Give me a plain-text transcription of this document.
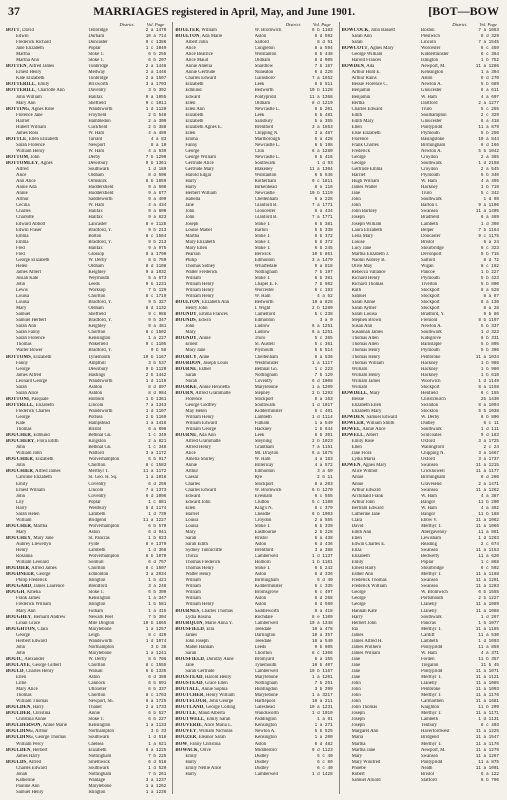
37	MARRIAGES registered in April, May, and June 1901.	[BOT—BOW
District.	Vol. Page
BOTT, David	Tenbridge	2 a 1470
Edwin	Durham	10 a 714
Frederick Richard	Doncaster	9 c 1386
Jane Elizabeth	Poplar	1 c 1049
Martha	Stoke T.	6 b 255
Martha Ann	Stoke T.	6 b 207
BOTTEN, Alfred James	Tunbridge	2 a 1446
Ernest Henry	Medway	2 a 1446
Kate Elizabeth	Tonbridge	2 a 1507
BOTTERILL, Emily	Brixworth	3 a 1703
BOTTERILL, Charlotte Ann	Daventry	3 b 392
John William	Halifax	9 a 1055
Mary Ann	Sheffield	9 c 1011
BOTTING, Agnes Rose	Wandsworth	1 d 1120
Florence Jane	Froyfield	2 b 548
Harriet	Hambledon	2 a 300
Hubert William	Cuckfield	2 b 388
James Ross	W. Ham	4 a 489
BOTTLE, Ellen Elizabeth	Tarrant	4 a 83
Sarah Florence	Newport	8 a 10
William Henry	W. Ham	4 a 539
BOTTOM, John	Derby	7 b 1290
BOTTOMLEY, Agnes	Dewsbury	9 b 1361
Alfred	Southwark	1 d 189
Alice	Oldham	8 d 506
Ann Alice	Ormskirk	8 b 1859
Annie Ada	Huddersfield	9 a 508
Annie	Huddersfield	9 a 677
Arthur	Saddleworth	9 a 499
Cecilia	W. Ham	4 a 434
Charles	Halifax	9 a 600
Charlotte	Halifax	9 a 623
Edward Abbott	Lancaster	8 e 1128
Edwin Fraser	Bradford, Y.	9 b 213
Emma	Bolton	8 c 1564
Emma	Bradford, Y.	9 b 213
Fred	Halifax	9 a 975
Fred	Glossop	8 a 1790
George Elizabeth	W. Derby	8 b 750
Helen	Oldham	8 d 1108
James Albert	Keighley	9 a 1032
Josiah Kate	Weymouth	5 a 673
John	Leeds	9 b 1231
Lewis	Worksop	7 b 129
Louisa	Chorlton	8 c 1719
Louisa	Bradford, Y.	9 b 327
Mary	Oldham	8 d 1132
Samuel	Sheffield	9 c 988
Samuel Herbert	Bradford, Y.	9 b 347
Sarah Ann	Keighley	9 a 481
Sarah Fanny	Chorlton	8 c 1502
Sarah Florence	Kensington	1 a 227
Thomas	Wakefield	9 c 1105
Walter Bower	Bradford, Y.	9 b 58
BOTTOMS, Elizabeth	Tynemouth	10 b 1167
Fanny	Ampthill	3 b 537
George	Dewsbury	9 b 1120
James Alfred	Hastings	2 b 1442
Leonard George	Wandsworth	1 d 1119
Sarah	Ashton	8 d 897
Sarah Alice	Ashton	8 d 984
BOTTONI, Pasquale	Holborn	1 b 1361
BOTTRELL, Elizabeth	Lincoln	7 a 1343
Frederick Charles	Wandsworth	1 d 1107
George	Portsea	2 b 1169
Kate	Hampstead	1 a 1416
Thomas	Bristol	6 a 698
BOUCHER, Edmund	Bethnal Gn.	1 c 349
BOUCHERY, Flora Edith	Kingston	2 a 821
John	Bethnal Gn.	1 c 348
William John	Watford	3 a 1172
BOUCHIER, Elizabeth	Wolverhampton	6 b 917
John	Chorlton	8 c 1583
BOUCHIER, Alfred James	Merthyr T.	11 a 1172
Caroline Elizabeth	St. Geo. H. Sq.	1 a 1016
Emily	Coventry	6 d 256
Ernest William	Lincoln	7 a 1373
John	Coventry	6 d 1006
Lily	Poplar	1 c 881
Harry	Westbury	5 d 1174
Sarah Helen	Lambeth	1 d 739
William	Bridgend	11 a 1227
BOUCHER, Martha	Wolverhampton	6 b 570
Mary	Aston	6 d 941
BOUCHEY, Mary Jane	St. Pancras	1 b 623
Aubrey Llewellyn	Fylde	8 e 1379
Henry	Lambeth	1 d 368
Rosanna	Wolverhampton	6 b 1070
William Leonard	Solihull	6 d 757
BOUDIER, Alfred James	Chorlton	8 c 1507
BOUDNEER, George	Edmonton	3 a 2034
Philip Frederick	Islington	1 b 421
BOUGARD, James Laurence	Brentford	3 a 248
BOUGH, Amelia	Stoke T.	6 b 399
Frank James	Kensington	1 a 347
Frederick William	Islington	1 b 581
Mary Ann	Fulham	1 a 415
BOUGHEY, Bernard Andrew	Newark Peel	7 b 304
Lilian Grace	Mile Dington	10 b 1665
BOUGHTON, Clara	Marylebone	1 a 1257
George	Leigh	8 c 420
Herbert Edward	Wandsworth	1 d 1074
John	Northampton	3 b 38
John	Marylebone	1 a 1241
BOUIC, Alexander	W. Derby	8 b 706
BOULAYE, George Gilbert	Chorlton	8 c 1555
BOULD, Charles Henry	Walsall	6 b 1335
Ellen	Aston	6 d 380
Lillie	Cannock	6 b 691
Mary Alice	Uttoxeter	6 b 337
Thomas	Chorlton	8 c 1763
William Thomas	Newport, Sh.	6 a 1725
BOULDEN, Harry	Thanet	2 a 1733
BOULDER, Christina	Annie	6 b 527
Christina Annie	Stoke T.	6 b 227
BOULDERSON, Annie Marie	Kensington	1 a 1133
BOULDING, Arthur	Northampton	3 b 33
BOULDING, George Thomas	Southwark	1 d 518
William Percy	Chelsea	1 a 621
BOULDEN, Herbert	Elizabeth	6 a 1225
James Harry	Nottingham	7 b 225
BOULDS, Alfred	Smethwick	6 d 518
Charles Edward	Southwark	1 d 520
Jonah	Nottingham	7 b 261
Katherine	Wantage	3 a 1237
Pauline Ann	Marylebone	1 a 1262
Samuel Henry	Islington	1 a 1236
District.	Vol. Page
BOULTER, William	W. Bromwich	6 b 1183
BOULTON, Ada Marie	Aston	6 d 592
Albert John	Salford	8 d 51
Alice	Congleton	8 a 594
Alice Beatrice	Wolstanton	6 b 448
Alice Maud	Oldham	8 d 905
Annie Amelia	Shardlow	7 b 187
Annie Gertrude	Nuneaton	6 d 226
Charles Edward	Gainsboro'	7 a 1652
Elizabeth	Leek	6 b 511
Edmund	Bedworth	10 b 1128
Edward	Pontypridd	11 a 1368
Ellen	Oldham	8 d 1219
Ellen Ann	Newcastle L.	6 b 201
Elizabeth	Leek	6 b 481
Elizabeth	Salisbury	5 a 355
Elizabeth Agnes E.	Brentford	3 a 1553
Ellen	Chipping N.	3 a 487
Emma	Marlborough	5 a 428
Fanny	Newcastle L.	6 b 198
George	Clun	6 a 1280
George William	Newcastle L.	6 b 416
Gertrude Alice	Southwark	1 d 93
Gertrude Mary	Blakeney	11 a 1304
Harold Edgar	Wolstanton	6 b 546
Harry	Rotherham	9 c 1811
Harry	Birkenhead	8 a 116
Herbert William	Newcastle	10 b 1119
Isabella	Cheltenham	6 a 228
Jane	Glanford B.	7 a 1771
John	Gloucester	6 a 434
John	Glanford B.	7 a 1771
Joseph	Stoke T.	6 b 381
Louise Mabel	Barton	5 b 338
Martha	Stoke T.	6 b 372
Mary Elizabeth	Stoke T.	6 b 372
Mary Ellen	Stoke T.	6 b 245
Pearson	Berwick	10 b 861
Philip	Edmonton	3 a 1479
Thomas Sidney	Wharfedale	9 a 818
Walter Frederick	Nottingham	7 b 197
William	Stoke T.	6 b 381
William Henry	Chapel E. F.	7 b 502
William Henry	Worcester	6 c 193
William Henry	W. Ham	4 a 52
BOULTON, Elizabeth Ann	Bedworth	10 a 828
Henry John	I. Wight	2 b 1289
BOUNDY, Emma Frances	Camelford	5 c 238
BOUNDS, Edwin	Edmonton	3 a 0
John	Ludlow	6 a 1251
Mary	Ludlow	6 a 1251
BOUNDY, Annie	Truro	5 c 365
Ernest	St. Austell	5 c 361
Mary Jane	Plymouth	5 b 514
BOURCY, Anne	Cheltenham	6 a 536
BOURDON, Joseph Louis	Westminster	1 a 1117
BOURNE, Esther	Bethnal Gn.	1 c 223
Sarah	Nottingham	7 b 129
Norah	Coventry	6 d 1008
BOURKE, Annie Henrietta	Marylebone	1 a 1209
BOURN, Alfred Grammatte	Stepney	2 b 1293
Florence	Stockport	8 a 163
George Godfrey	Southwark	1 d 1017
May Helen	Kidderminster	6 c 401
William Henry	Lambeth	1 d 1114
William Edward	Fulham	1 a 549
William George	Hackney	1 b 644
BOURNE, Ada Ann	Leek	6 b 301
Alfred Grammatte	Steyning	2 b 1023
Alfred Henry	Grantham	7 a 1151
Alice	Mt. Drayton	6 a 1675
Amelia Shirley	W. Ham	4 a 183
Annie	Billericay	4 a 572
Arthur	Edmonton	3 a 50
Caesar	Rye	2 b 11
Charles	Stockport	8 a 203
Charles Edward	W. Bromwich	6 b 1270
Edward	Evesham	6 c 555
Edward John	Clutton	5 c 1100
Ellen	King's N.	6 c 379
Harriet	Cheadle	6 b 1003
Louisa	Croydon	2 a 555
Louisa	Stoke T.	6 b 339
Mary	Eastbourne	2 b 228
Sarah	Bristol	6 a 438
Sarah Edith	Aston	6 d 436
Sydney Tunnicliffe	Brentford	3 a 388
Thirza	Camberwell	1 d 1137
Thomas Frederick	Holborn	1 b 1101
Thomas Henry	Stoke T.	6 b 242
Walter Henry	Aston	6 d 336
William	Birmingham	6 d 49
William	Kidderminster	6 c 335
William	Bromsgrove	6 c 497
William	Aston	6 d 268
William Henry	Aston	6 d 560
BOURNES, Charles Thomas	Saddleworth	9 a 418
Lydia Rosina	Rochdale	8 e 1109
BOURQUIN, Marie Anna Y.	Camberwell	10 a 1348
BOUSFIELD, Ella	Teesdale	10 a 478
James	Darlington	10 a 357
John Joseph	Teesdale	10 a 540
Mabel Hannah	Leeds	9 b 605
Sarah	Chorlton	8 c 1366
BOUSFIELD, Dorothy Anne	Bromyard	6 a 155
Jane	Tynemouth	10 b 407
Sarah Gertrude	Camberwell	10 b 1167
BOUSTEAD, Harold Henry	Marylebone	1 a 1201
BOUSTEAD, Grace Ellen	Nottingham	7 b 251
BOUTALL, Annie Sophia	Huntingdon	3 b 399
BOUTCHER, Henry William	Marylebone	1 a 3217
BOUTFLOUR, John George	Hartlepool	10 a 211
BOUTLAND, George Colling	Gateshead	10 a 1231
BOUTLE, Maud Alberta	Wandsworth	1 d 1010
BOUTWELL, Emily Sarah	Paddington	1 a 91
BOUVERIE, Alice Maria L.	Kensington	1 a 271
BOUVEY, William Nicholas	Newton A.	5 b 525
BOUZER, Eleanor Sarah	Kensington	1 a 200
BOW, Fanny Christina	Aston	6 d 482
BOWACK, Olive	Middlesbro'	9 d 1123
Emily	Dudley	6 c 40
Harry	Dudley	6 c 80
Emily Nellie Alice	Dudley	6 c 40
Harry	Camberwell	1 d 1428
District.	Vol. Page
BOWCOCK, John Bassett	Boston	7 a 1063
Sarah Ann	Prestwich	8 d 329
Sarah	Lincoln	7 a 1545
BOWCOTT, Agnes Mary	Worcester	6 c 459
George William	Kidderminster	6 c 364
Harold Frances	Islington	1 b 752
BOWDEN, Ada	Newport, M.	11 a 1286
Arthur Hunt E.	Kensington	1 a 394
Arthur Rains	Aston	6 d 270
Bessie Florence C.	Newton A.	5 b 689
Benjamin	Gloucester	6 a 611
Benjamin	W. Ham	4 a 607
Bertha	Dartford	2 a 1277
Charles Edward	Truro	5 c 255
Edith	Southampton	2 c 329
Edith Mary	Gloucester	6 a 418
Ellen	Pontypridd	11 a 879
Elsie Elizabeth	Plymouth	5 b 250
Florence	Basingstoke	10 a 844
Frank Charles	Birmingham	6 d 166
Frederick	Newton A.	5 b 1042
George	Croydon	2 a 385
George	Southwark	1 d 2158
Gertrude Emma	Croydon	2 a 545
Harriet	Plymouth	5 b 340
Hugh William	W. Ham	4 a 495
James Walter	Hackney	1 b 719
Jane	Truro	5 c 342
John	Southwark	1 d 98
John	Barton I.	9 a 1106
John Barkley	Swansea	11 a 1405
Joseph	Bradfield	6 a 469
Joseph William	Lambeth	1 d 398
Laura Elizabeth	Belper	7 b 1164
Leila Mary	Doncaster	9 c 1175
Louise	Bristol	6 a 24
Lucy Jane	Stourbridge	6 c 323
Martha Elizabeth J.	Devonport	5 b 715
Naomi Aubrey B.	Salford	8 d 72
Olive May	Wigan	8 c 182
Rebecca Vallance	Pancoe	1 b 227
Richard Henry	Plymouth	5 b 423
Richard Thomas	Tiverton	5 b 890
Ruth	Stockport	8 a 528
Samuel	Stockport	8 a 87
Sarah Annie	Stockport	8 a 130
Sarah Aymer	Stockport	8 a 28
Sarah Louisa	Bradford, Y.	9 b 86
Stephen Brown	Fremont	8 b 1197
Susan Ann	Newton A.	5 b 337
Susannah James	Southwark	1 d 323
Thomas Allen	Kidsgrove	6 b 331
Thomas Allen	Barnstaple	5 b 805
Thomas Henry	Plymouth	5 b 306
Thomas Henry	Pembroke	11 a 1034
Thomas William	Hackney	1 b 986
William	Hackney	1 b 960
William Henry	Hackney	1 b 610
William James	Woolwich	1 d 1149
William	Stockport	8 a 1158
BOWDELL, Mary	Henfield	6 c 155
Bessie	Christchurch	2b 1430
Elizabeth Ellen	Swindon	8 a 1094
Elizabeth Mary	Stockton	5 b 1038
BOWDEN, Samuel Edward	W. Derby	8 b 806
BOWLER, William Smith	Dudley	6 c 11
BOWEL, Annie Alice	Southwark	1 d 111
BOWELL, Albert	Sculcoates	9 d 183
Emily Rose	Oxford	3 a 1725
Ellen	Wallingford	2 c 24
Jane Flora	Chipping N.	3 a 1667
Lydia Maria	Oxford	3 a 1737
BOWEN, Agnes Mary	Swansea	11 a 1215
Alice Wilmot	Crickhowell	11 a 1177
Annie	Birmingham	6 d 260
Annie	Gravesend	2 a 1471
Arthur Edward	Swansea	11 a 1262
Archibald Frank	W. Ham	4 a 387
Arthur John	Bangor	11 b 200
Bertram Edward	W. Ham	4 a 492
Catherine Jane	Bangor	11 b 188
Clara	Ebbw V.	11 a 1062
David	Merthyr T.	11 a 1066
Edith Ann	Abergavenny	11 a 861
Ellen	Lewisham	1 d 1263
Edwin Charles E.	Reading	2 c 674
Eliza	Swansea	11 a 1153
Elizabeth	Bedwelty	11 a 620
Emily	Poplar	1 c 868
Ernest Harry	Stourbridge	6 c 502
Esther Ann	Merthyr T.	11 a 1188
Frederick Thomas	Swansea	11 a 1291
Frederick William	Swansea	11 a 1283
George	W. Bromwich	6 b 1555
George	Portsmouth	2 b 1227
George	Llanelly	11 a 1089
Hannah Kate	Llanelly	11 a 1088
Harry	Southwark	1 d 267
Herbert John	Pancras	1 b 1077
Ida	Merthyr T.	11 a 1185
James	Cardiff	11 a 530
James Alfred H.	Lambeth	1 d 1093
James Prothero	Pontypridd	11 a 859
James William	W. Ham	4 a 371
Jane	Forden	11 b 357
Jane	Tregaron	11 b 45
Jane	Pontypridd	11 a 1071
Jane	Merthyr T.	11 a 1121
John	Llanelly	11 a 1085
John	Pembroke	11 a 1093
John	Merthyr T.	11 a 1176
John	Carmarthen	11 a 1681
John Thomas	Knighton	11 b 209
Joseph	Merthyr T.	11 a 1171
Joseph	Lambeth	1 d 1131
Joseph	Tenbury	6 c 403
Margaret Ann	Haverfordwest	11 a 1225
Maria	Bridgend	11 a 1547
Martha	Merthyr T.	11 a 1176
Martha Jane	Newport, M.	11 a 1279
Mary	Swansea	11 a 1267
Mary Winifred	Pontypridd	11 a 875
Phoebe	Neath	11 a 1001
Robert	Bristol	6 a 122
Samuel Arnold	Stafford	6 b 706
